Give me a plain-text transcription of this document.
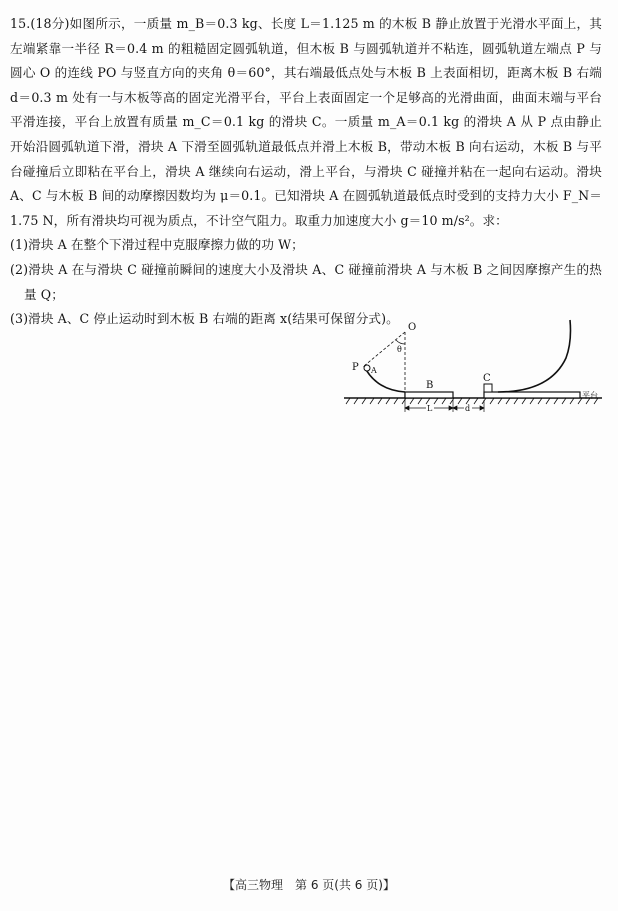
15.(18分)如图所示，一质量 m_B＝0.3 kg、长度 L＝1.125 m 的木板 B 静止放置于光滑水平面上，其左端紧靠一半径 R＝0.4 m 的粗糙固定圆弧轨道，但木板 B 与圆弧轨道并不粘连，圆弧轨道左端点 P 与圆心 O 的连线 PO 与竖直方向的夹角 θ＝60°，其右端最低点处与木板 B 上表面相切，距离木板 B 右端 d＝0.3 m 处有一与木板等高的固定光滑平台，平台上表面固定一个足够高的光滑曲面，曲面末端与平台平滑连接，平台上放置有质量 m_C＝0.1 kg 的滑块 C。一质量 m_A＝0.1 kg 的滑块 A 从 P 点由静止开始沿圆弧轨道下滑，滑块 A 下滑至圆弧轨道最低点并滑上木板 B，带动木板 B 向右运动，木板 B 与平台碰撞后立即粘在平台上，滑块 A 继续向右运动，滑上平台，与滑块 C 碰撞并粘在一起向右运动。滑块 A、C 与木板 B 间的动摩擦因数均为 μ＝0.1。已知滑块 A 在圆弧轨道最低点时受到的支持力大小 F_N＝1.75 N，所有滑块均可视为质点，不计空气阻力。取重力加速度大小 g＝10 m/s²。求：

(1)滑块 A 在整个下滑过程中克服摩擦力做的功 W；

(2)滑块 A 在与滑块 C 碰撞前瞬间的速度大小及滑块 A、C 碰撞前滑块 A 与木板 B 之间因摩擦产生的热量 Q；

(3)滑块 A、C 停止运动时到木板 B 右端的距离 x(结果可保留分式)。

O
θ
P A
B
C
L	d
平台
【高三物理　第 6 页(共 6 页)】
